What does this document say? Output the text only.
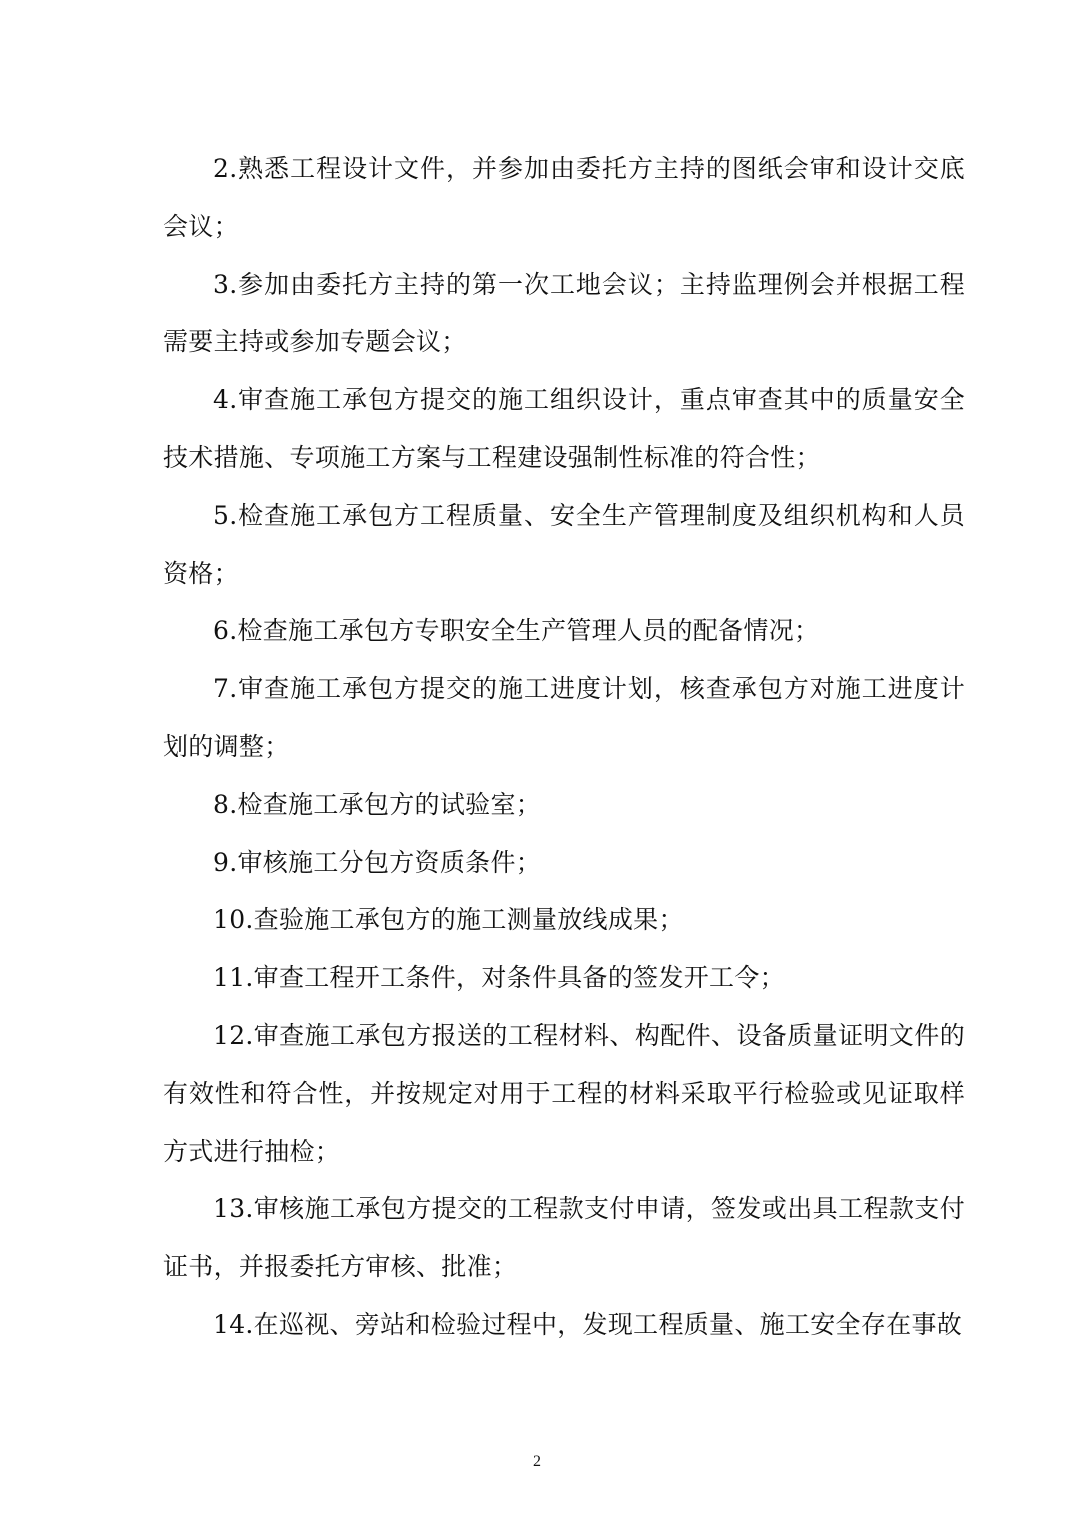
2.熟悉工程设计文件，并参加由委托方主持的图纸会审和设计交底会议；

3.参加由委托方主持的第一次工地会议；主持监理例会并根据工程需要主持或参加专题会议；

4.审查施工承包方提交的施工组织设计，重点审查其中的质量安全技术措施、专项施工方案与工程建设强制性标准的符合性；

5.检查施工承包方工程质量、安全生产管理制度及组织机构和人员资格；

6.检查施工承包方专职安全生产管理人员的配备情况；

7.审查施工承包方提交的施工进度计划，核查承包方对施工进度计划的调整；

8.检查施工承包方的试验室；

9.审核施工分包方资质条件；

10.查验施工承包方的施工测量放线成果；

11.审查工程开工条件，对条件具备的签发开工令；

12.审查施工承包方报送的工程材料、构配件、设备质量证明文件的有效性和符合性，并按规定对用于工程的材料采取平行检验或见证取样方式进行抽检；

13.审核施工承包方提交的工程款支付申请，签发或出具工程款支付证书，并报委托方审核、批准；

14.在巡视、旁站和检验过程中，发现工程质量、施工安全存在事故

2
